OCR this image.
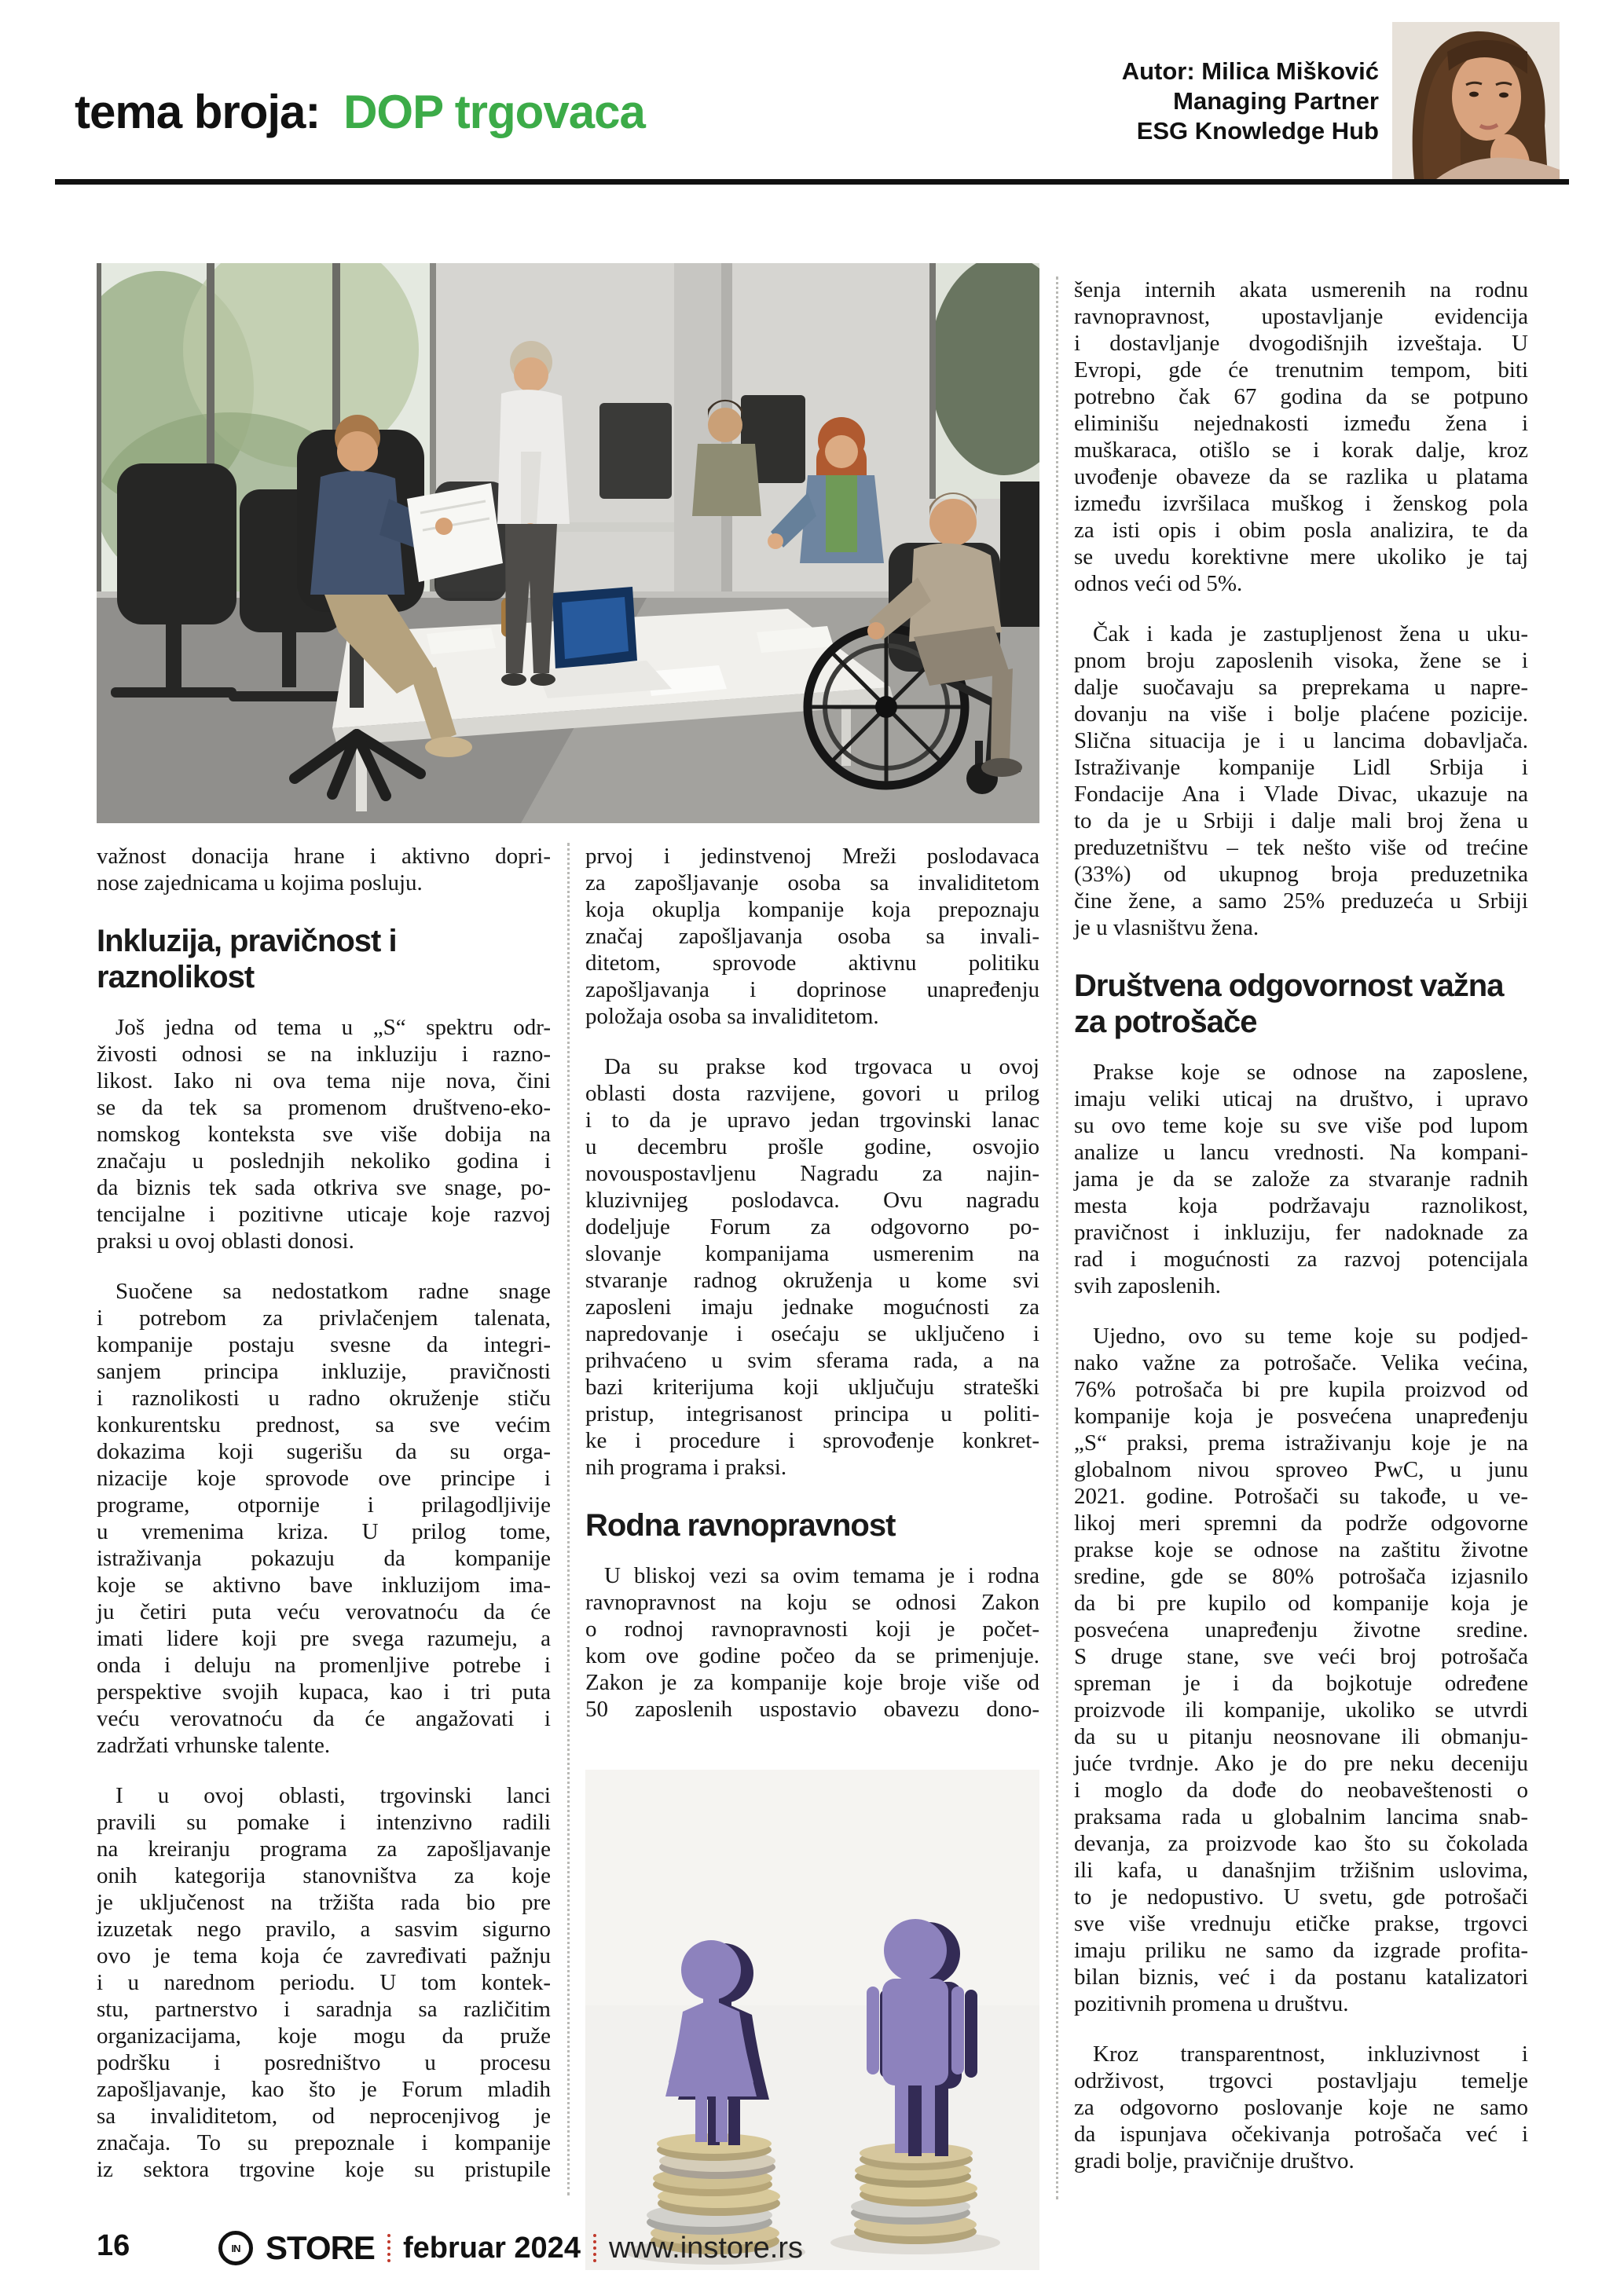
tema broja: DOP trgovaca
Autor: Milica Mišković
Managing Partner
ESG Knowledge Hub

važnost donacija hrane i aktivno dopri-
nose zajednicama u kojima posluju.

Inkluzija, pravičnost i
raznolikost

Još jedna od tema u „S“ spektru odr-
živosti odnosi se na inkluziju i razno-
likost. Iako ni ova tema nije nova, čini
se da tek sa promenom društveno-eko-
nomskog konteksta sve više dobija na
značaju u poslednjih nekoliko godina i
da biznis tek sada otkriva sve snage, po-
tencijalne i pozitivne uticaje koje razvoj
praksi u ovoj oblasti donosi.

Suočene sa nedostatkom radne snage
i potrebom za privlačenjem talenata,
kompanije postaju svesne da integri-
sanjem principa inkluzije, pravičnosti
i raznolikosti u radno okruženje stiču
konkurentsku prednost, sa sve većim
dokazima koji sugerišu da su orga-
nizacije koje sprovode ove principe i
programe, otpornije i prilagodljivije
u vremenima kriza. U prilog tome,
istraživanja pokazuju da kompanije
koje se aktivno bave inkluzijom ima-
ju četiri puta veću verovatnoću da će
imati lidere koji pre svega razumeju, a
onda i deluju na promenljive potrebe i
perspektive svojih kupaca, kao i tri puta
veću verovatnoću da će angažovati i
zadržati vrhunske talente.

I u ovoj oblasti, trgovinski lanci
pravili su pomake i intenzivno radili
na kreiranju programa za zapošljavanje
onih kategorija stanovništva za koje
je uključenost na tržišta rada bio pre
izuzetak nego pravilo, a sasvim sigurno
ovo je tema koja će zavređivati pažnju
i u narednom periodu. U tom kontek-
stu, partnerstvo i saradnja sa različitim
organizacijama, koje mogu da pruže
podršku i posredništvo u procesu
zapošljavanje, kao što je Forum mladih
sa invaliditetom, od neprocenjivog je
značaja. To su prepoznale i kompanije
iz sektora trgovine koje su pristupile

prvoj i jedinstvenoj Mreži poslodavaca
za zapošljavanje osoba sa invaliditetom
koja okuplja kompanije koja prepoznaju
značaj zapošljavanja osoba sa invali-
ditetom, sprovode aktivnu politiku
zapošljavanja i doprinose unapređenju
položaja osoba sa invaliditetom.

Da su prakse kod trgovaca u ovoj
oblasti dosta razvijene, govori u prilog
i to da je upravo jedan trgovinski lanac
u decembru prošle godine, osvojio
novouspostavljenu Nagradu za najin-
kluzivnijeg poslodavca. Ovu nagradu
dodeljuje Forum za odgovorno po-
slovanje kompanijama usmerenim na
stvaranje radnog okruženja u kome svi
zaposleni imaju jednake mogućnosti za
napredovanje i osećaju se uključeno i
prihvaćeno u svim sferama rada, a na
bazi kriterijuma koji uključuju strateški
pristup, integrisanost principa u politi-
ke i procedure i sprovođenje konkret-
nih programa i praksi.

Rodna ravnopravnost

U bliskoj vezi sa ovim temama je i rodna
ravnopravnost na koju se odnosi Zakon
o rodnoj ravnopravnosti koji je počet-
kom ove godine počeo da se primenjuje.
Zakon je za kompanije koje broje više od
50 zaposlenih uspostavio obavezu dono-

šenja internih akata usmerenih na rodnu
ravnopravnost, upostavljanje evidencija
i dostavljanje dvogodišnjih izveštaja. U
Evropi, gde će trenutnim tempom, biti
potrebno čak 67 godina da se potpuno
eliminišu nejednakosti između žena i
muškaraca, otišlo se i korak dalje, kroz
uvođenje obaveze da se razlika u platama
između izvršilaca muškog i ženskog pola
za isti opis i obim posla analizira, te da
se uvedu korektivne mere ukoliko je taj
odnos veći od 5%.

Čak i kada je zastupljenost žena u uku-
pnom broju zaposlenih visoka, žene se i
dalje suočavaju sa preprekama u napre-
dovanju na više i bolje plaćene pozicije.
Slična situacija je i u lancima dobavljača.
Istraživanje kompanije Lidl Srbija i
Fondacije Ana i Vlade Divac, ukazuje na
to da je u Srbiji i dalje mali broj žena u
preduzetništvu – tek nešto više od trećine
(33%) od ukupnog broja preduzetnika
čine žene, a samo 25% preduzeća u Srbiji
je u vlasništvu žena.

Društvena odgovornost važna
za potrošače

Prakse koje se odnose na zaposlene,
imaju veliki uticaj na društvo, i upravo
su ovo teme koje su sve više pod lupom
analize u lancu vrednosti. Na kompani-
jama je da se založe za stvaranje radnih
mesta koja podržavaju raznolikost,
pravičnost i inkluziju, fer nadoknade za
rad i mogućnosti za razvoj potencijala
svih zaposlenih.

Ujedno, ovo su teme koje su podjed-
nako važne za potrošače. Velika većina,
76% potrošača bi pre kupila proizvod od
kompanije koja je posvećena unapređenju
„S“ praksi, prema istraživanju koje je na
globalnom nivou sproveo PwC, u junu
2021. godine. Potrošači su takođe, u ve-
likoj meri spremni da podrže odgovorne
prakse koje se odnose na zaštitu životne
sredine, gde se 80% potrošača izjasnilo
da bi pre kupilo od kompanije koja je
posvećena unapređenju životne sredine.
S druge stane, sve veći broj potrošača
spreman je i da bojkotuje određene
proizvode ili kompanije, ukoliko se utvrdi
da su u pitanju neosnovane ili obmanju-
juće tvrdnje. Ako je do pre neku deceniju
i moglo da dođe do neobaveštenosti o
praksama rada u globalnim lancima snab-
devanja, za proizvode kao što su čokolada
ili kafa, u današnjim tržišnim uslovima,
to je nedopustivo. U svetu, gde potrošači
sve više vrednuju etičke prakse, trgovci
imaju priliku ne samo da izgrade profita-
bilan biznis, već i da postanu katalizatori
pozitivnih promena u društvu.

Kroz transparentnost, inkluzivnost i
održivost, trgovci postavljaju temelje
za odgovorno poslovanje koje ne samo
da ispunjava očekivanja potrošača već i
gradi bolje, pravičnije društvo.

16	IN STORE februar 2024 www.instore.rs
